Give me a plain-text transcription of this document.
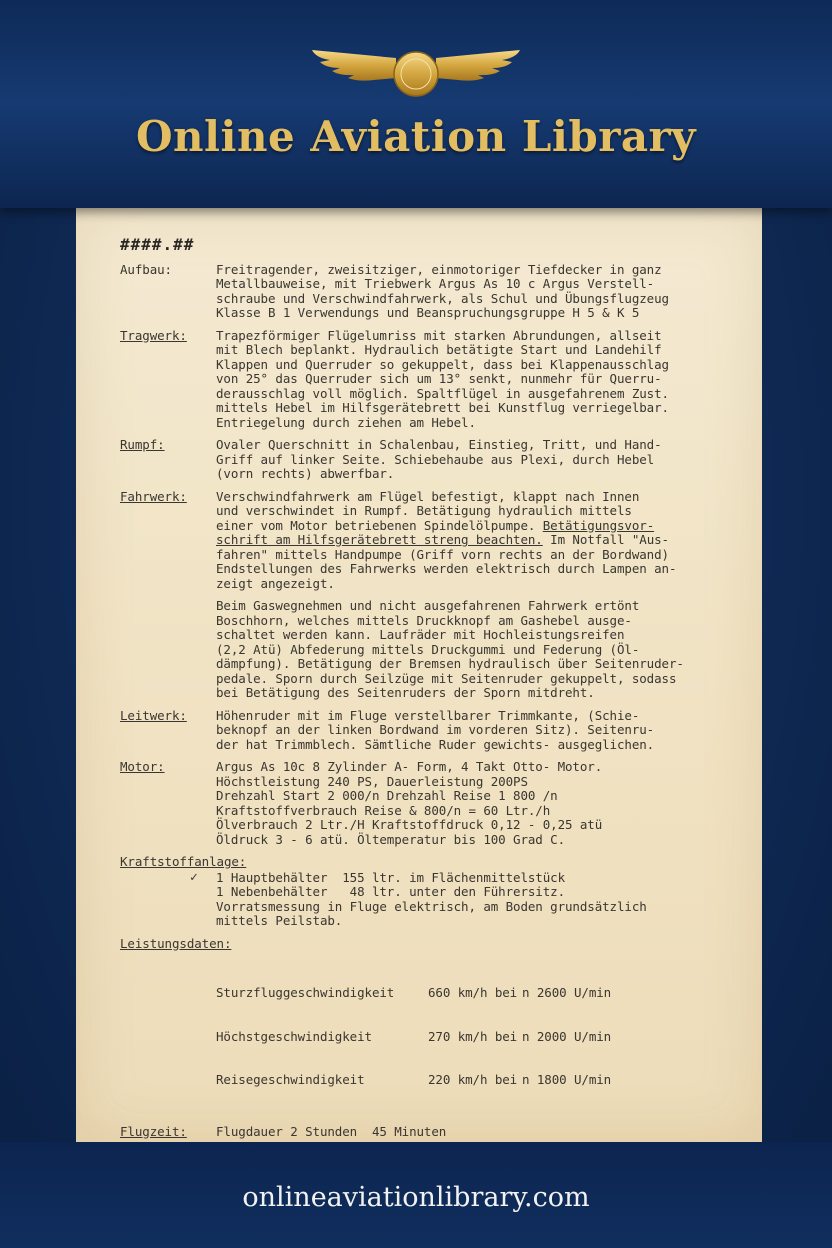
Online Aviation Library
####.##
Aufbau:	Freitragender, zweisitziger, einmotoriger Tiefdecker in ganz
Metallbauweise, mit Triebwerk Argus As 10 c Argus Verstell-
schraube und Verschwindfahrwerk, als Schul und Übungsflugzeug
Klasse B 1 Verwendungs und Beanspruchungsgruppe H 5 & K 5
Tragwerk:	Trapezförmiger Flügelumriss mit starken Abrundungen, allseit
mit Blech beplankt. Hydraulich betätigte Start und Landehilf
Klappen und Querruder so gekuppelt, dass bei Klappenausschlag
von 25° das Querruder sich um 13° senkt, nunmehr für Querru-
derausschlag voll möglich. Spaltflügel in ausgefahrenem Zust.
mittels Hebel im Hilfsgerätebrett bei Kunstflug verriegelbar.
Entriegelung durch ziehen am Hebel.
Rumpf:	Ovaler Querschnitt in Schalenbau, Einstieg, Tritt, und Hand-
Griff auf linker Seite. Schiebehaube aus Plexi, durch Hebel
(vorn rechts) abwerfbar.
Fahrwerk:	Verschwindfahrwerk am Flügel befestigt, klappt nach Innen
und verschwindet in Rumpf. Betätigung hydraulich mittels
einer vom Motor betriebenen Spindelölpumpe. Betätigungsvor-
schrift am Hilfsgerätebrett streng beachten. Im Notfall "Aus-
fahren" mittels Handpumpe (Griff vorn rechts an der Bordwand)
Endstellungen des Fahrwerks werden elektrisch durch Lampen an-
zeigt angezeigt.
Beim Gaswegnehmen und nicht ausgefahrenen Fahrwerk ertönt
Boschhorn, welches mittels Druckknopf am Gashebel ausge-
schaltet werden kann. Laufräder mit Hochleistungsreifen
(2,2 Atü) Abfederung mittels Druckgummi und Federung (Öl-
dämpfung). Betätigung der Bremsen hydraulisch über Seitenruder-
pedale. Sporn durch Seilzüge mit Seitenruder gekuppelt, sodass
bei Betätigung des Seitenruders der Sporn mitdreht.
Leitwerk:	Höhenruder mit im Fluge verstellbarer Trimmkante, (Schie-
beknopf an der linken Bordwand im vorderen Sitz). Seitenru-
der hat Trimmblech. Sämtliche Ruder gewichts- ausgeglichen.
Motor:	Argus As 10c 8 Zylinder A- Form, 4 Takt Otto- Motor.
Höchstleistung 240 PS, Dauerleistung 200PS
Drehzahl Start 2 000/n Drehzahl Reise 1 800 /n
Kraftstoffverbrauch Reise & 800/n = 60 Ltr./h
Ölverbrauch 2 Ltr./H Kraftstoffdruck 0,12 - 0,25 atü
Öldruck 3 - 6 atü. Öltemperatur bis 100 Grad C.
Kraftstoffanlage:
✓ 1 Hauptbehälter  155 ltr. im Flächenmittelstück
1 Nebenbehälter   48 ltr. unter den Führersitz.
Vorratsmessung in Fluge elektrisch, am Boden grundsätzlich
mittels Peilstab.
Leistungsdaten:

Sturzfluggeschwindigkeit	660 km/h bei n 2600 U/min

Höchstgeschwindigkeit	270 km/h bei n 2000 U/min

Reisegeschwindigkeit	220 km/h bei n 1800 U/min

Flugzeit:	Flugdauer 2 Stunden  45 Minuten
onlineaviationlibrary.com
